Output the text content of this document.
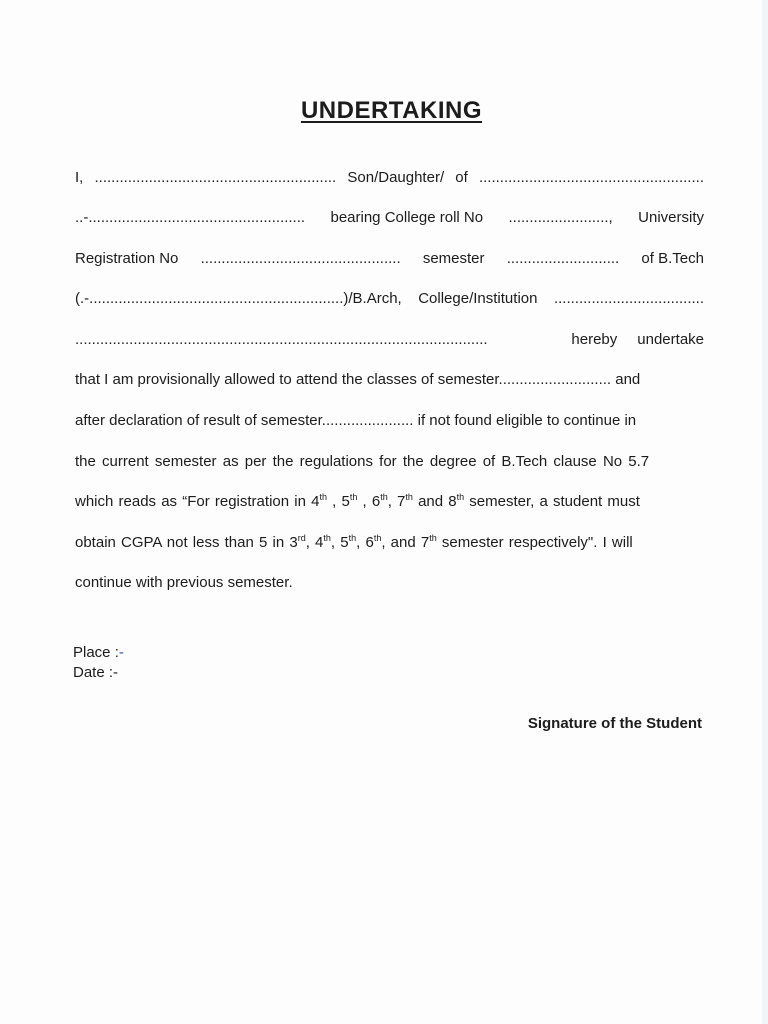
UNDERTAKING
I, .......................................................... Son/Daughter/ of ......................................................
..-.................................................... bearing College roll No ........................, University
Registration No ................................................ semester ........................... of B.Tech
(.-.............................................................)/B.Arch, College/Institution ....................................
...................................................................................................	hereby undertake
that I am provisionally allowed to attend the classes of semester........................... and
after declaration of result of semester...................... if not found eligible to continue in
the current semester as per the regulations for the degree of B.Tech clause No 5.7
which reads as “For registration in 4th , 5th , 6th, 7th and 8th semester, a student must
obtain CGPA not less than 5 in 3rd, 4th, 5th, 6th, and 7th semester respectively". I will
continue with previous semester.
Place :-
Date :-
Signature of the Student
